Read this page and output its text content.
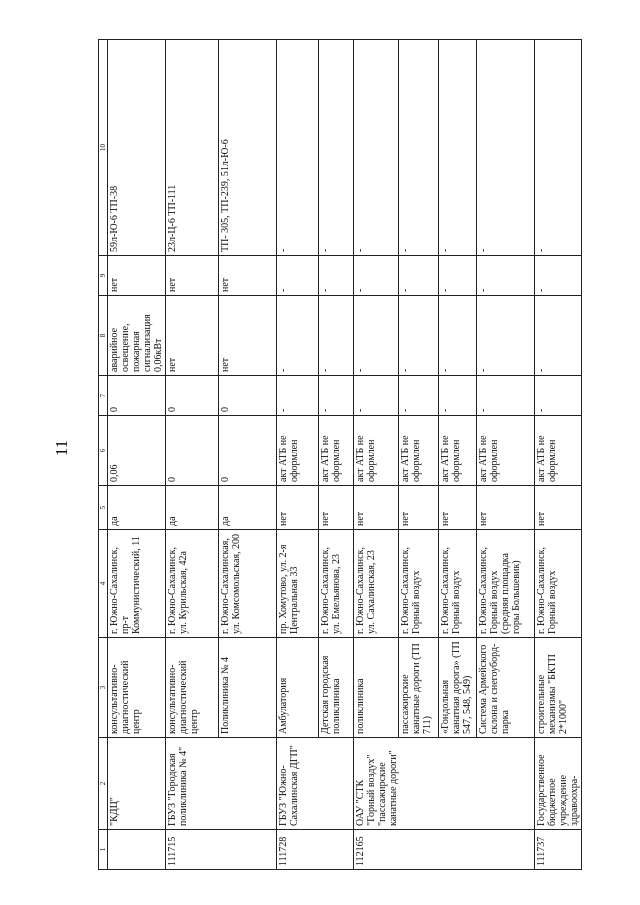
11
1	2	3	4	5	6	7	8	9	10
	"КДЦ"	консультативно-диагностический центр	г. Южно-Сахалинск, пр-т Коммунистический, 11	да	0,06	0	аварийное освещение, пожарная сигнализация 0,06кВт	нет	59л-Ю-6 ТП-38
111715	ГБУЗ "Городская поликлиника № 4"	консультативно-диагностический центр	г. Южно-Сахалинск, ул. Курильская, 42а	да	0	0	нет	нет	23л-Ц-6 ТП-111
		Поликлиника № 4	г. Южно-Сахалинская, ул. Комсомольская, 200	да	0	0	нет	нет	ТП- 305, ТП-239, 51л-Ю-6
111728	ГБУЗ "Южно-Сахалинская ДГП"	Амбулатория	пр. Хомутово, ул. 2-я Центральная 33	нет	акт АТБ не оформлен	-	-	-	-
		Детская городская поликлиника	г. Южно-Сахалинск, ул. Емельянова, 23	нет	акт АТБ не оформлен	-	-	-	-
112165	ОАУ "СТК "Горный воздух" "пассажирские канатные дороги"	поликлиника	г. Южно-Сахалинск, ул. Сахалинская, 23	нет	акт АТБ не оформлен	-	-	-	-
		пассажирские канатные дороги (ТП 711)	г. Южно-Сахалинск, Горный воздух	нет	акт АТБ не оформлен	-	-	-	-
		«Гондольная канатная дорога» (ТП 547, 548, 549)	г. Южно-Сахалинск, Горный воздух	нет	акт АТБ не оформлен	-	-	-	-
		Система Армейского склона и снегоуборд-парка	г. Южно-Сахалинск, Горный воздух (средняя площадка горы Большевик)	нет	акт АТБ не оформлен	-	-	-	-
111737	Государственное бюджетное учреждение здравоохра-	строительные механизмы "БКТП 2*1000"	г. Южно-Сахалинск, Горный воздух	нет	акт АТБ не оформлен	-	-	-	-
